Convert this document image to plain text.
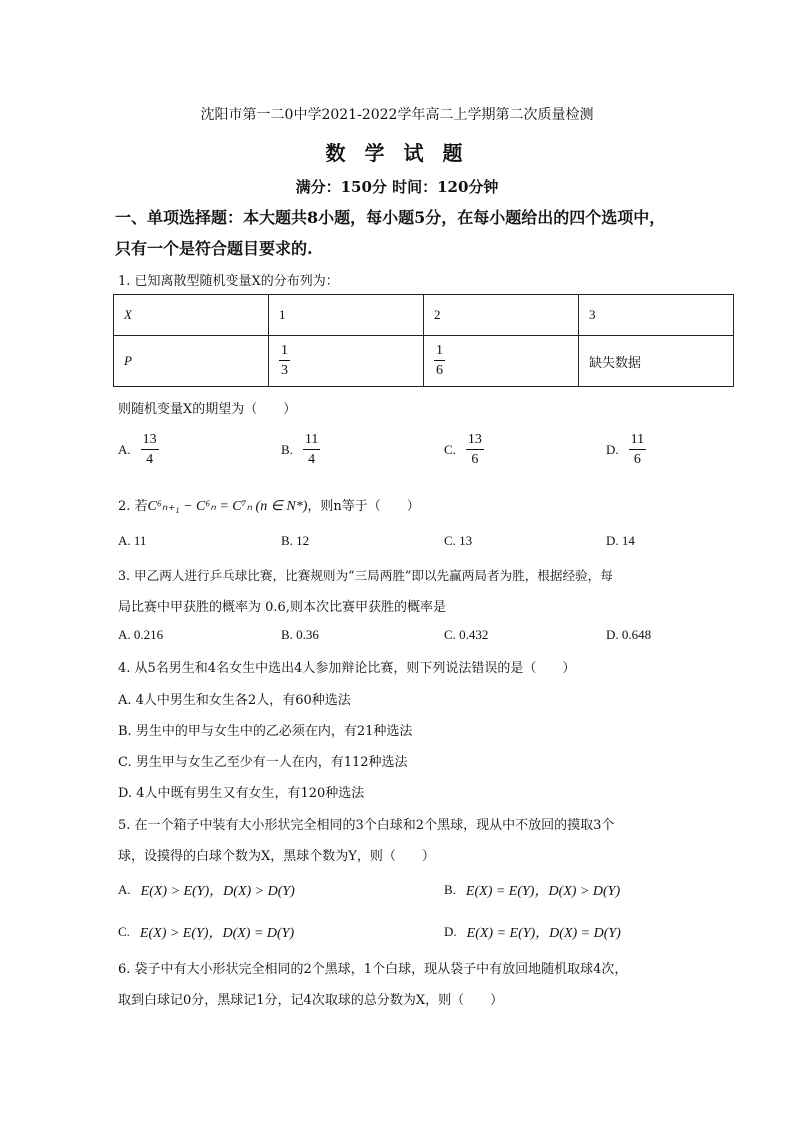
沈阳市第一二0中学2021-2022学年高二上学期第二次质量检测
数 学 试 题
满分：150分 时间：120分钟
一、单项选择题：本大题共8小题，每小题5分，在每小题给出的四个选项中，
只有一个是符合题目要求的.
1. 已知离散型随机变量X的分布列为：
X	1	2	3
P	$\frac{1}{3}$	$\frac{1}{6}$	缺失数据
则随机变量X的期望为（　　）
A. $\frac{13}{4}$	B. $\frac{11}{4}$	C. $\frac{13}{6}$	D. $\frac{11}{6}$
2. 若C⁶ₙ₊₁ − C⁶ₙ = C⁷ₙ (n ∈ N*)，则n等于（　　）
A. 11	B. 12	C. 13	D. 14
3. 甲乙两人进行乒乓球比赛，比赛规则为“三局两胜”即以先赢两局者为胜，根据经验，每
局比赛中甲获胜的概率为 0.6,则本次比赛甲获胜的概率是
A. 0.216	B. 0.36	C. 0.432	D. 0.648
4. 从5名男生和4名女生中选出4人参加辩论比赛，则下列说法错误的是（　　）
A. 4人中男生和女生各2人，有60种选法
B. 男生中的甲与女生中的乙必须在内，有21种选法
C. 男生甲与女生乙至少有一人在内，有112种选法
D. 4人中既有男生又有女生，有120种选法
5. 在一个箱子中装有大小形状完全相同的3个白球和2个黑球，现从中不放回的摸取3个
球，设摸得的白球个数为X，黑球个数为Y，则（　　）
A. E(X) > E(Y)，D(X) > D(Y)	B. E(X) = E(Y)，D(X) > D(Y)
C. E(X) > E(Y)，D(X) = D(Y)	D. E(X) = E(Y)，D(X) = D(Y)
6. 袋子中有大小形状完全相同的2个黑球，1个白球，现从袋子中有放回地随机取球4次，
取到白球记0分，黑球记1分，记4次取球的总分数为X，则（　　）
